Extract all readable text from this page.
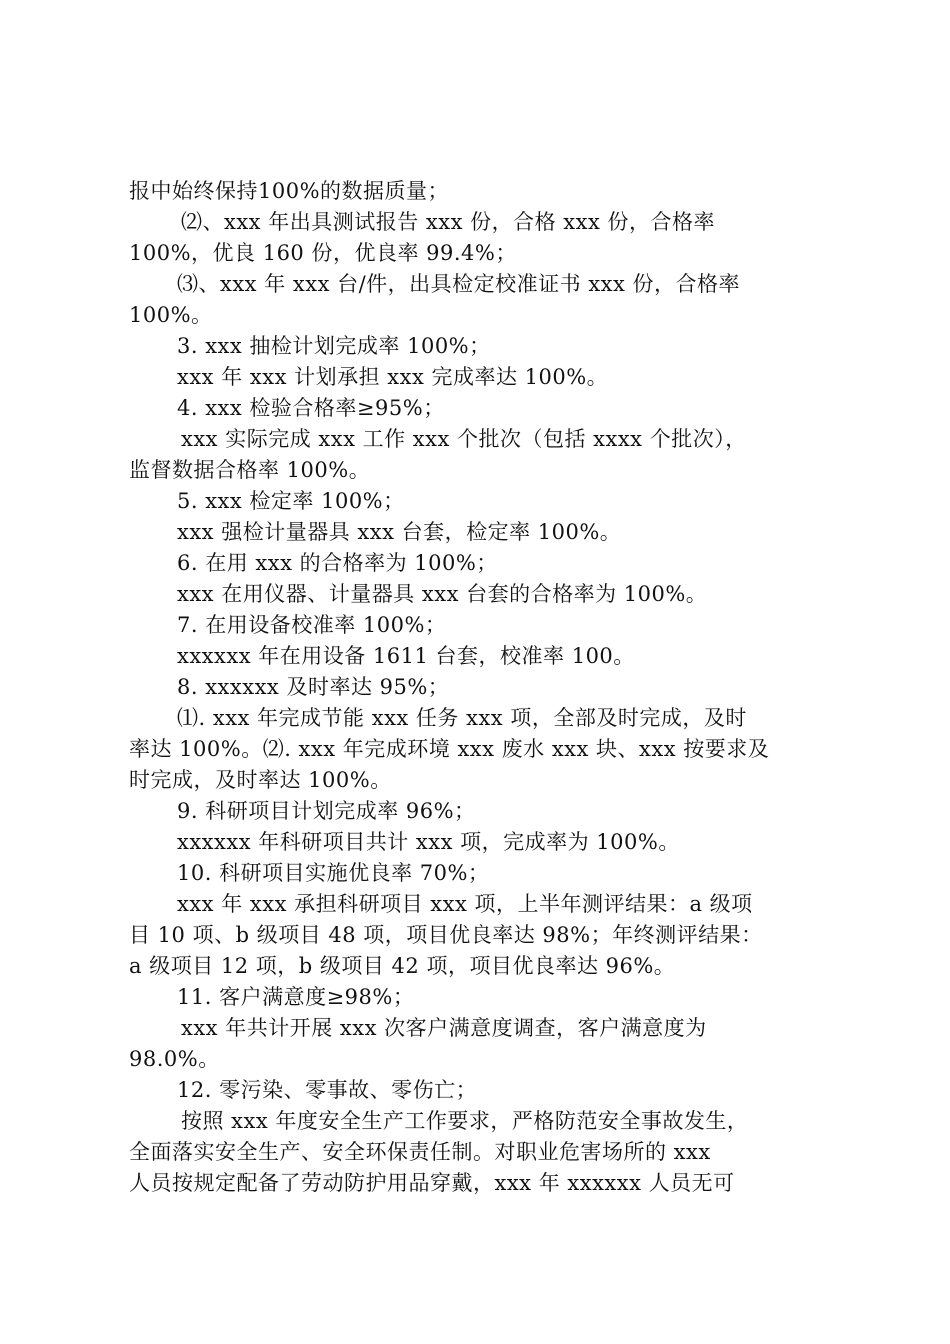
报中始终保持100%的数据质量；
⑵、xxx 年出具测试报告 xxx 份，合格 xxx 份，合格率
100%，优良 160 份，优良率 99.4%；
⑶、xxx 年 xxx 台/件，出具检定校准证书 xxx 份，合格率
100%。
3. xxx 抽检计划完成率 100%；
xxx 年 xxx 计划承担 xxx 完成率达 100%。
4. xxx 检验合格率≥95%；
xxx 实际完成 xxx 工作 xxx 个批次（包括 xxxx 个批次），
监督数据合格率 100%。
5. xxx 检定率 100%；
xxx 强检计量器具 xxx 台套，检定率 100%。
6. 在用 xxx 的合格率为 100%；
xxx 在用仪器、计量器具 xxx 台套的合格率为 100%。
7. 在用设备校准率 100%；
xxxxxx 年在用设备 1611 台套，校准率 100。
8. xxxxxx 及时率达 95%；
⑴. xxx 年完成节能 xxx 任务 xxx 项，全部及时完成，及时
率达 100%。⑵. xxx 年完成环境 xxx 废水 xxx 块、xxx 按要求及
时完成，及时率达 100%。
9. 科研项目计划完成率 96%；
xxxxxx 年科研项目共计 xxx 项，完成率为 100%。
10. 科研项目实施优良率 70%；
xxx 年 xxx 承担科研项目 xxx 项，上半年测评结果：a 级项
目 10 项、b 级项目 48 项，项目优良率达 98%；年终测评结果：
a 级项目 12 项，b 级项目 42 项，项目优良率达 96%。
11. 客户满意度≥98%；
xxx 年共计开展 xxx 次客户满意度调查，客户满意度为
98.0%。
12. 零污染、零事故、零伤亡；
按照 xxx 年度安全生产工作要求，严格防范安全事故发生，
全面落实安全生产、安全环保责任制。对职业危害场所的 xxx
人员按规定配备了劳动防护用品穿戴，xxx 年 xxxxxx 人员无可
